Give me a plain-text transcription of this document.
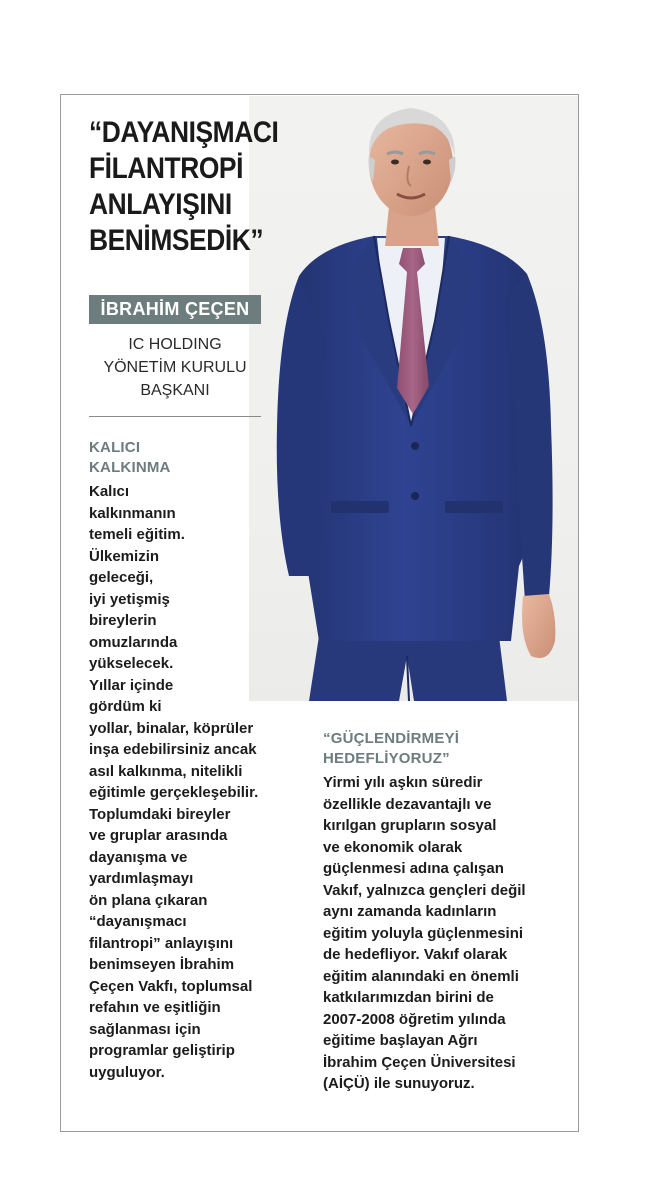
“DAYANIŞMACI
FİLANTROPİ
ANLAYIŞINI
BENİMSEDİK”
İBRAHİM ÇEÇEN
IC HOLDING
YÖNETİM KURULU
BAŞKANI
KALICI
KALKINMA

Kalıcı
kalkınmanın
temeli eğitim.
Ülkemizin
geleceği,
iyi yetişmiş
bireylerin
omuzlarında
yükselecek.
Yıllar içinde
gördüm ki
yollar, binalar, köprüler
inşa edebilirsiniz ancak
asıl kalkınma, nitelikli
eğitimle gerçekleşebilir.
Toplumdaki bireyler
ve gruplar arasında
dayanışma ve
yardımlaşmayı
ön plana çıkaran
“dayanışmacı
filantropi” anlayışını
benimseyen İbrahim
Çeçen Vakfı, toplumsal
refahın ve eşitliğin
sağlanması için
programlar geliştirip
uyguluyor.

“GÜÇLENDİRMEYİ
HEDEFLİYORUZ”

Yirmi yılı aşkın süredir
özellikle dezavantajlı ve
kırılgan grupların sosyal
ve ekonomik olarak
güçlenmesi adına çalışan
Vakıf, yalnızca gençleri değil
aynı zamanda kadınların
eğitim yoluyla güçlenmesini
de hedefliyor. Vakıf olarak
eğitim alanındaki en önemli
katkılarımızdan birini de
2007-2008 öğretim yılında
eğitime başlayan Ağrı
İbrahim Çeçen Üniversitesi
(AİÇÜ) ile sunuyoruz.
